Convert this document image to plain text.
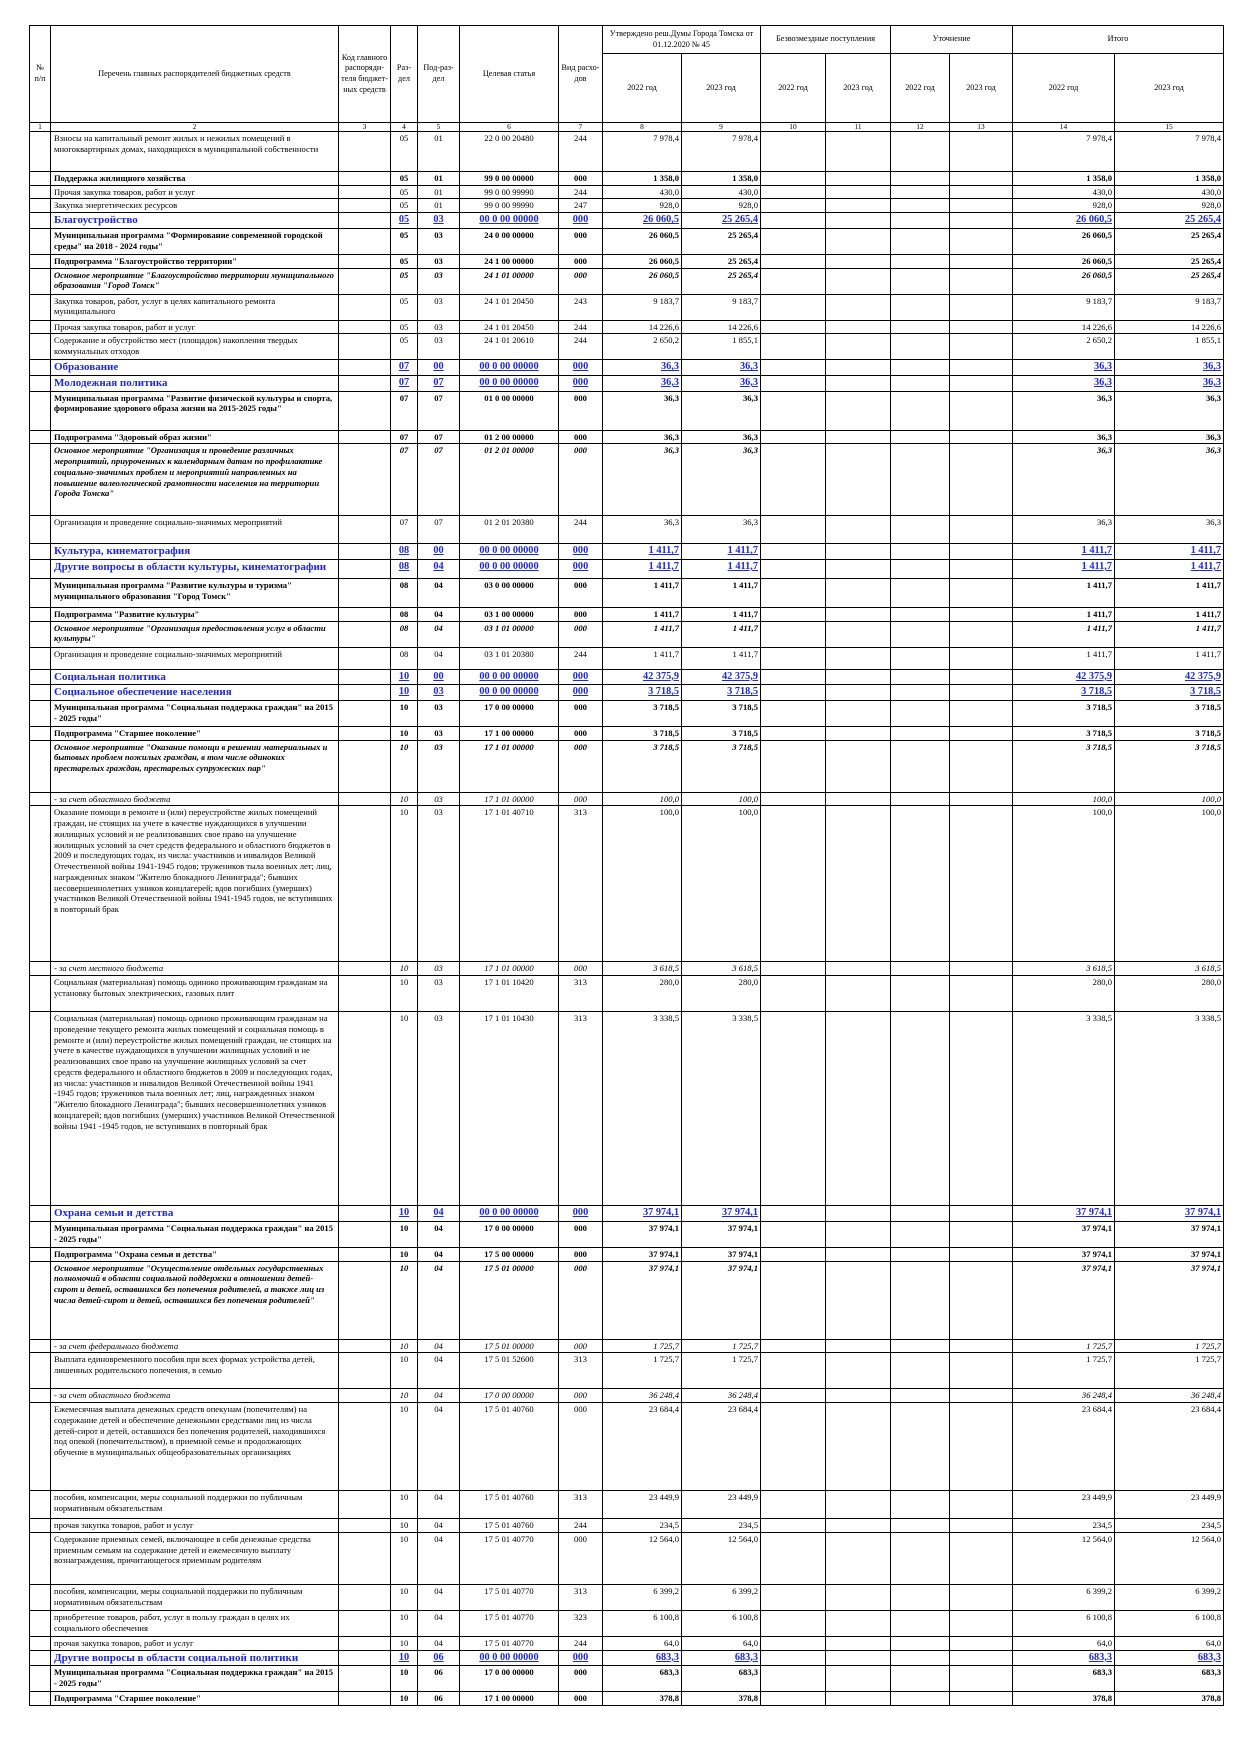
№
п/п	Перечень главных распорядителей бюджетных средств	Код главного распоряди-теля бюджет-ных средств	Раз-дел	Под-раз-дел	Целевая статья	Вид расхо-дов	Утверждено реш.Думы Города Томска от 01.12.2020 № 45		Безвозмездные поступления		Уточнение		Итого	
							2022 год	2023 год	2022 год	2023 год	2022 год	2023 год	2022 год	2023 год
1	2	3	4	5	6	7	8	9	10	11	12	13	14	15
	Взносы на капитальный ремонт жилых и нежилых помещений в многоквартирных домах, находящихся в муниципальной собственности		05	01	22 0 00 20480	244	7 978,4	7 978,4					7 978,4	7 978,4
	Поддержка жилищного хозяйства		05	01	99 0 00 00000	000	1 358,0	1 358,0					1 358,0	1 358,0
	Прочая закупка товаров, работ и услуг		05	01	99 0 00 99990	244	430,0	430,0					430,0	430,0
	Закупка энергетических ресурсов		05	01	99 0 00 99990	247	928,0	928,0					928,0	928,0
	Благоустройство		05	03	00 0 00 00000	000	26 060,5	25 265,4					26 060,5	25 265,4
	Муниципальная программа "Формирование современной городской среды" на 2018 - 2024 годы"		05	03	24 0 00 00000	000	26 060,5	25 265,4					26 060,5	25 265,4
	Подпрограмма "Благоустройство территории"		05	03	24 1 00 00000	000	26 060,5	25 265,4					26 060,5	25 265,4
	Основное мероприятие "Благоустройство территории муниципального образования "Город Томск"		05	03	24 1 01 00000	000	26 060,5	25 265,4					26 060,5	25 265,4
	Закупка товаров, работ, услуг в целях капитального ремонта муниципального		05	03	24 1 01 20450	243	9 183,7	9 183,7					9 183,7	9 183,7
	Прочая закупка товаров, работ и услуг		05	03	24 1 01 20450	244	14 226,6	14 226,6					14 226,6	14 226,6
	Содержание и обустройство мест (площадок) накопления твердых коммунальных отходов		05	03	24 1 01 20610	244	2 650,2	1 855,1					2 650,2	1 855,1
	Образование		07	00	00 0 00 00000	000	36,3	36,3					36,3	36,3
	Молодежная политика		07	07	00 0 00 00000	000	36,3	36,3					36,3	36,3
	Муниципальная программа "Развитие физической культуры и спорта, формирование здорового образа жизни на 2015-2025 годы"		07	07	01 0 00 00000	000	36,3	36,3					36,3	36,3
	Подпрограмма "Здоровый образ жизни"		07	07	01 2 00 00000	000	36,3	36,3					36,3	36,3
	Основное мероприятие "Организация и проведение различных мероприятий, приуроченных к календарным датам по профилактике социально-значимых проблем и мероприятий направленных на повышение валеологической грамотности населения на территории Города Томска"		07	07	01 2 01 00000	000	36,3	36,3					36,3	36,3
	Организация и проведение социально-значимых мероприятий		07	07	01 2 01 20380	244	36,3	36,3					36,3	36,3
	Культура, кинематография		08	00	00 0 00 00000	000	1 411,7	1 411,7					1 411,7	1 411,7
	Другие вопросы в области культуры, кинематографии		08	04	00 0 00 00000	000	1 411,7	1 411,7					1 411,7	1 411,7
	Муниципальная программа "Развитие культуры и туризма" муниципального образования "Город Томск"		08	04	03 0 00 00000	000	1 411,7	1 411,7					1 411,7	1 411,7
	Подпрограмма "Развитие культуры"		08	04	03 1 00 00000	000	1 411,7	1 411,7					1 411,7	1 411,7
	Основное мероприятие "Организация предоставления услуг в области культуры"		08	04	03 1 01 00000	000	1 411,7	1 411,7					1 411,7	1 411,7
	Организация и проведение социально-значимых мероприятий		08	04	03 1 01 20380	244	1 411,7	1 411,7					1 411,7	1 411,7
	Социальная политика		10	00	00 0 00 00000	000	42 375,9	42 375,9					42 375,9	42 375,9
	Социальное обеспечение населения		10	03	00 0 00 00000	000	3 718,5	3 718,5					3 718,5	3 718,5
	Муниципальная программа "Социальная поддержка граждан" на 2015 - 2025 годы"		10	03	17 0 00 00000	000	3 718,5	3 718,5					3 718,5	3 718,5
	Подпрограмма "Старшее поколение"		10	03	17 1 00 00000	000	3 718,5	3 718,5					3 718,5	3 718,5
	Основное мероприятие "Оказание помощи в решении материальных и бытовых проблем пожилых граждан, в том числе одиноких престарелых граждан, престарелых супружеских пар"		10	03	17 1 01 00000	000	3 718,5	3 718,5					3 718,5	3 718,5
	- за счет областного бюджета		10	03	17 1 01 00000	000	100,0	100,0					100,0	100,0
	Оказание помощи в ремонте и (или) переустройстве жилых помещений граждан, не стоящих на учете в качестве нуждающихся в улучшении жилищных условий и не реализовавших свое право на улучшение жилищных условий за счет средств федерального и областного бюджетов в 2009 и последующих годах, из числа: участников и инвалидов Великой Отечественной войны 1941-1945 годов; тружеников тыла военных лет; лиц, награжденных знаком "Жителю блокадного Ленинграда"; бывших несовершеннолетних узников концлагерей; вдов погибших (умерших) участников Великой Отечественной войны 1941-1945 годов, не вступивших в повторный брак		10	03	17 1 01 40710	313	100,0	100,0					100,0	100,0
	- за счет местного бюджета		10	03	17 1 01 00000	000	3 618,5	3 618,5					3 618,5	3 618,5
	Социальная (материальная) помощь одиноко проживающим гражданам на установку бытовых электрических, газовых плит		10	03	17 1 01 10420	313	280,0	280,0					280,0	280,0
	Социальная (материальная) помощь одиноко проживающим гражданам на проведение текущего ремонта жилых помещений и социальная помощь в ремонте и (или) переустройстве жилых помещений граждан, не стоящих на учете в качестве нуждающихся в улучшении жилищных условий и не реализовавших свое право на улучшение жилищных условий за счет средств федерального и областного бюджетов в 2009 и последующих годах, из числа: участников и инвалидов Великой Отечественной войны 1941 -1945 годов; тружеников тыла военных лет; лиц, награжденных знаком "Жителю блокадного Ленинграда"; бывших несовершеннолетних узников концлагерей; вдов погибших (умерших) участников Великой Отечественной войны 1941 -1945 годов, не вступивших в повторный брак		10	03	17 1 01 10430	313	3 338,5	3 338,5					3 338,5	3 338,5
	Охрана семьи и детства		10	04	00 0 00 00000	000	37 974,1	37 974,1					37 974,1	37 974,1
	Муниципальная программа "Социальная поддержка граждан" на 2015 - 2025 годы"		10	04	17 0 00 00000	000	37 974,1	37 974,1					37 974,1	37 974,1
	Подпрограмма "Охрана семьи и детства"		10	04	17 5 00 00000	000	37 974,1	37 974,1					37 974,1	37 974,1
	Основное мероприятие "Осуществление отдельных государственных полномочий в области социальной поддержки в отношении детей-сирот и детей, оставшихся без попечения родителей, а также лиц из числа детей-сирот и детей, оставшихся без попечения родителей"		10	04	17 5 01 00000	000	37 974,1	37 974,1					37 974,1	37 974,1
	- за счет федерального бюджета		10	04	17 5 01 00000	000	1 725,7	1 725,7					1 725,7	1 725,7
	Выплата единовременного пособия при всех формах устройства детей, лишенных родительского попечения, в семью		10	04	17 5 01 52600	313	1 725,7	1 725,7					1 725,7	1 725,7
	- за счет областного бюджета		10	04	17 0 00 00000	000	36 248,4	36 248,4					36 248,4	36 248,4
	Ежемесячная выплата денежных средств опекунам (попечителям) на содержание детей и обеспечение денежными средствами лиц из числа детей-сирот и детей, оставшихся без попечения родителей, находившихся под опекой (попечительством), в приемной семье и продолжающих обучение в муниципальных общеобразовательных организациях		10	04	17 5 01 40760	000	23 684,4	23 684,4					23 684,4	23 684,4
	пособия, компенсации, меры социальной поддержки по публичным нормативным обязательствам		10	04	17 5 01 40760	313	23 449,9	23 449,9					23 449,9	23 449,9
	прочая закупка товаров, работ и услуг		10	04	17 5 01 40760	244	234,5	234,5					234,5	234,5
	Содержание приемных семей, включающее в себя денежные средства приемным семьям на содержание детей и ежемесячную выплату вознаграждения, причитающегося приемным родителям		10	04	17 5 01 40770	000	12 564,0	12 564,0					12 564,0	12 564,0
	пособия, компенсации, меры социальной поддержки по публичным нормативным обязательствам		10	04	17 5 01 40770	313	6 399,2	6 399,2					6 399,2	6 399,2
	приобретение товаров, работ, услуг в пользу граждан в целях их социального обеспечения		10	04	17 5 01 40770	323	6 100,8	6 100,8					6 100,8	6 100,8
	прочая закупка товаров, работ и услуг		10	04	17 5 01 40770	244	64,0	64,0					64,0	64,0
	Другие вопросы в области социальной политики		10	06	00 0 00 00000	000	683,3	683,3					683,3	683,3
	Муниципальная программа "Социальная поддержка граждан" на 2015 - 2025 годы"		10	06	17 0 00 00000	000	683,3	683,3					683,3	683,3
	Подпрограмма "Старшее поколение"		10	06	17 1 00 00000	000	378,8	378,8					378,8	378,8
